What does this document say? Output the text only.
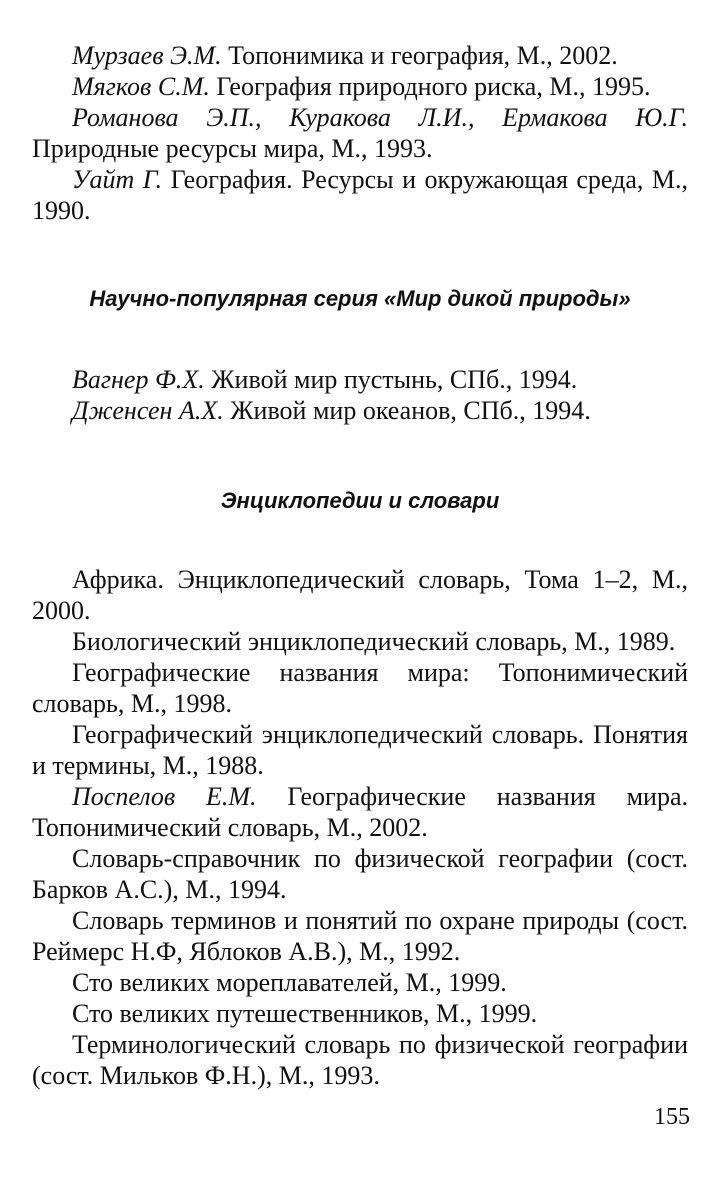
Мурзаев Э.М. Топонимика и география, М., 2002.

Мягков С.М. География природного риска, М., 1995.

Романова Э.П., Куракова Л.И., Ермакова Ю.Г. Природные ресурсы мира, М., 1993.

Уайт Г. География. Ресурсы и окружающая среда, М., 1990.

Научно-популярная серия «Мир дикой природы»

Вагнер Ф.Х. Живой мир пустынь, СПб., 1994.

Дженсен А.Х. Живой мир океанов, СПб., 1994.

Энциклопедии и словари

Африка. Энциклопедический словарь, Тома 1–2, М., 2000.

Биологический энциклопедический словарь, М., 1989.

Географические названия мира: Топонимический словарь, М., 1998.

Географический энциклопедический словарь. Понятия и термины, М., 1988.

Поспелов Е.М. Географические названия мира. Топонимический словарь, М., 2002.

Словарь-справочник по физической географии (сост. Барков А.С.), М., 1994.

Словарь терминов и понятий по охране природы (сост. Реймерс Н.Ф, Яблоков А.В.), М., 1992.

Сто великих мореплавателей, М., 1999.

Сто великих путешественников, М., 1999.

Терминологический словарь по физической географии (сост. Мильков Ф.Н.), М., 1993.

155
